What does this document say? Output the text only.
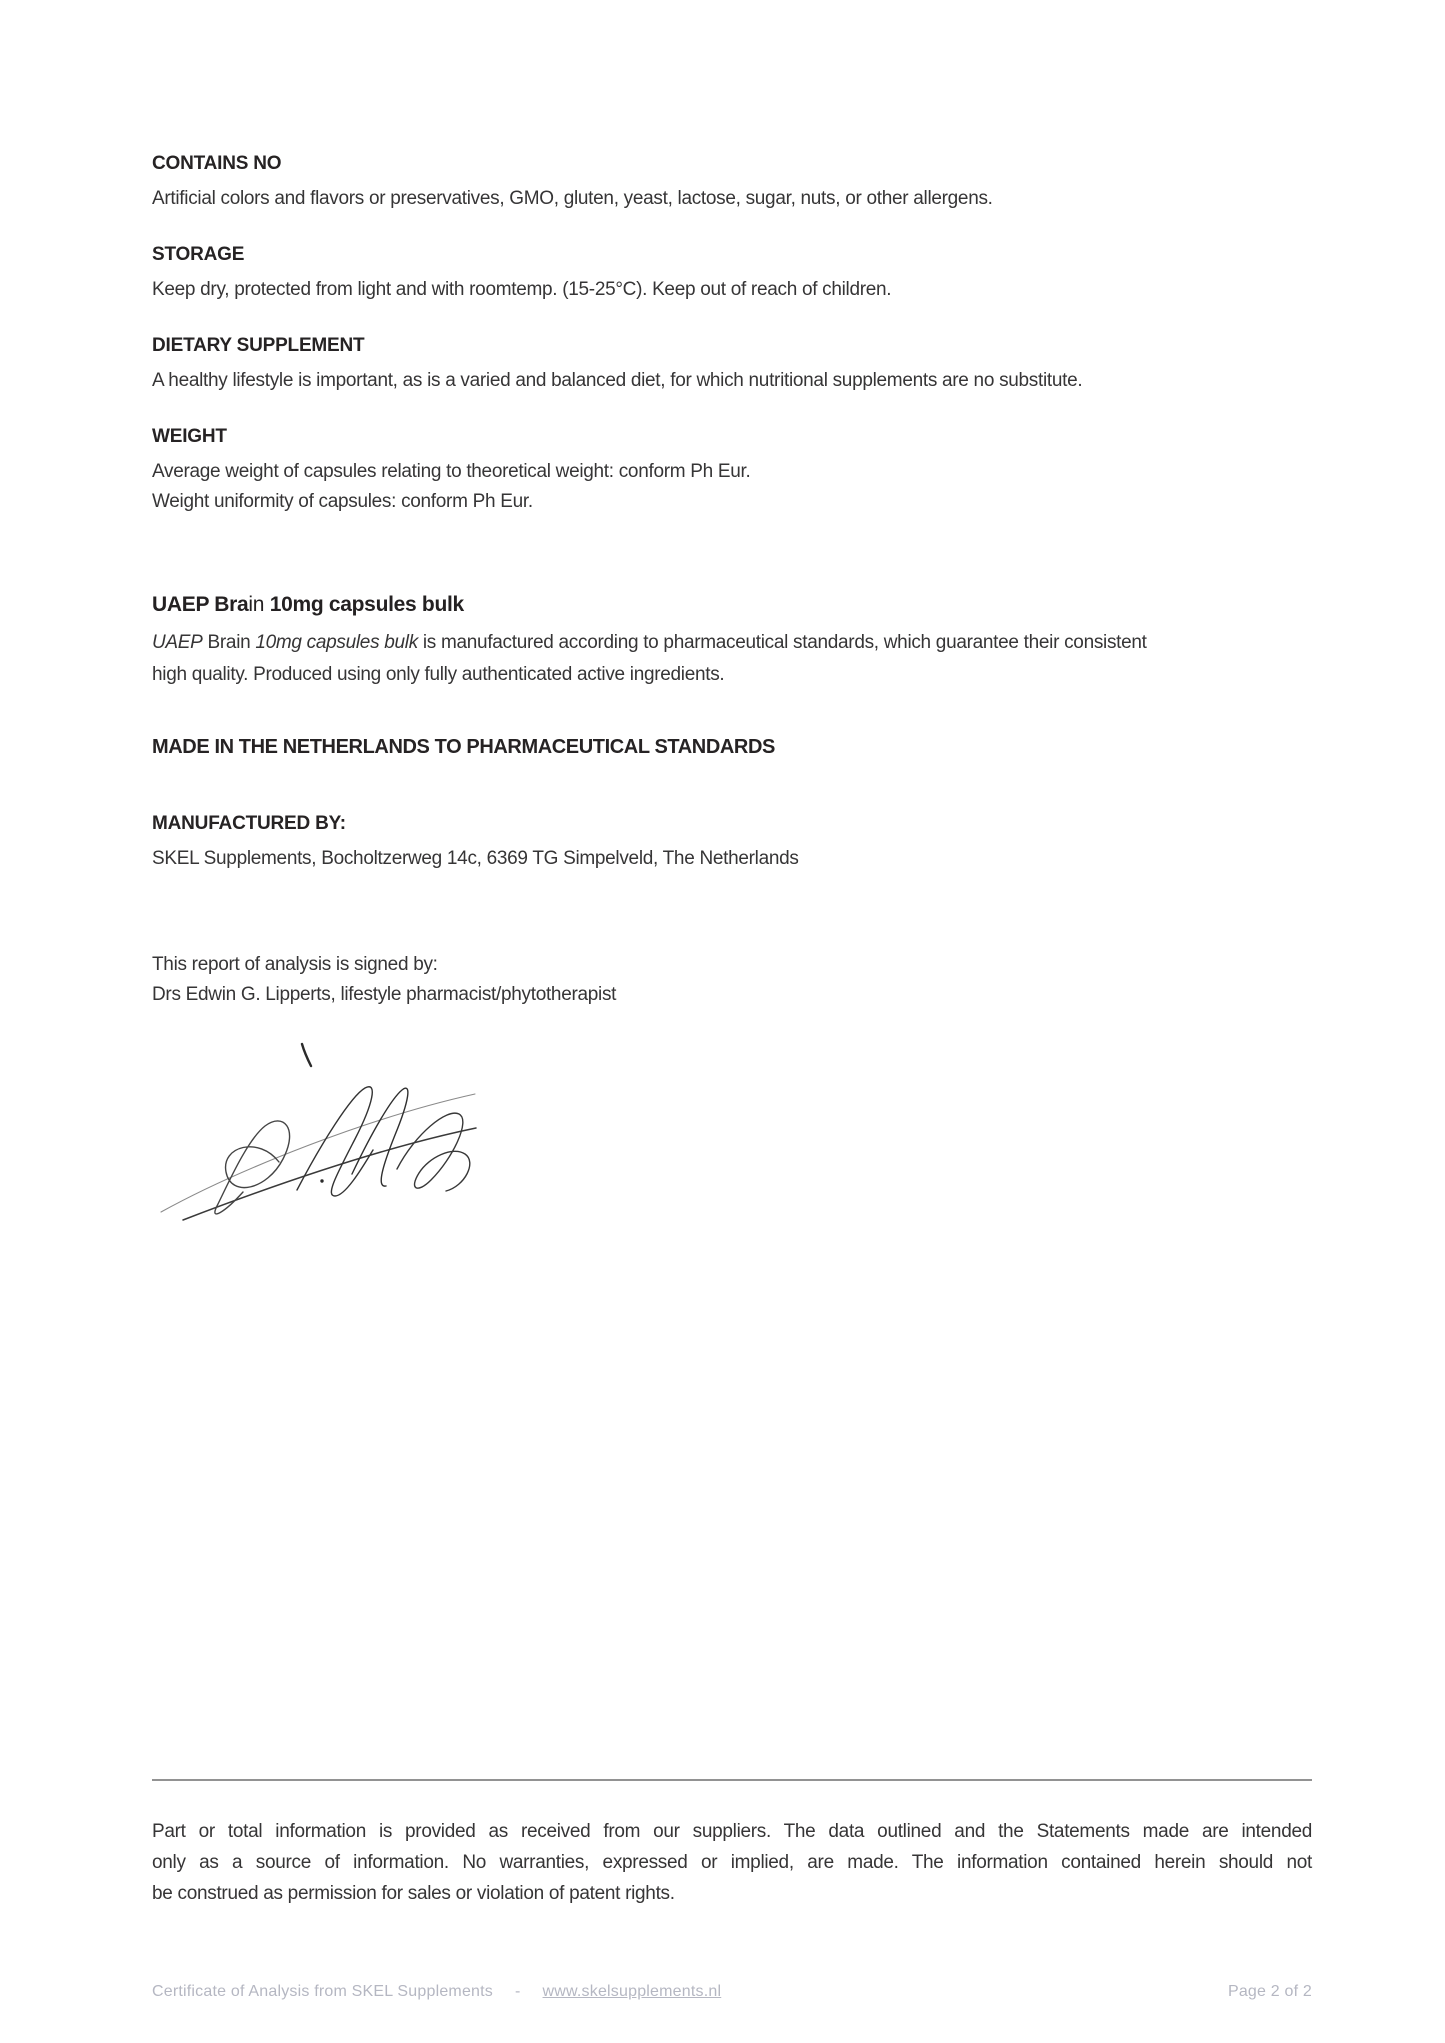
CONTAINS NO
Artificial colors and flavors or preservatives, GMO, gluten, yeast, lactose, sugar, nuts, or other allergens.
STORAGE
Keep dry, protected from light and with roomtemp. (15-25°C). Keep out of reach of children.
DIETARY SUPPLEMENT
A healthy lifestyle is important, as is a varied and balanced diet, for which nutritional supplements are no substitute.
WEIGHT
Average weight of capsules relating to theoretical weight: conform Ph Eur.
Weight uniformity of capsules: conform Ph Eur.
UAEP Brain 10mg capsules bulk
UAEP Brain 10mg capsules bulk is manufactured according to pharmaceutical standards, which guarantee their consistent
high quality. Produced using only fully authenticated active ingredients.
MADE IN THE NETHERLANDS TO PHARMACEUTICAL STANDARDS
MANUFACTURED BY:
SKEL Supplements, Bocholtzerweg 14c, 6369 TG Simpelveld, The Netherlands
This report of analysis is signed by:
Drs Edwin G. Lipperts, lifestyle pharmacist/phytotherapist
Part or total information is provided as received from our suppliers. The data outlined and the Statements made are intended
only as a source of information. No warranties, expressed or implied, are made. The information contained herein should not
be construed as permission for sales or violation of patent rights.
Certificate of Analysis from SKEL Supplements - www.skelsupplements.nl	Page 2 of 2
